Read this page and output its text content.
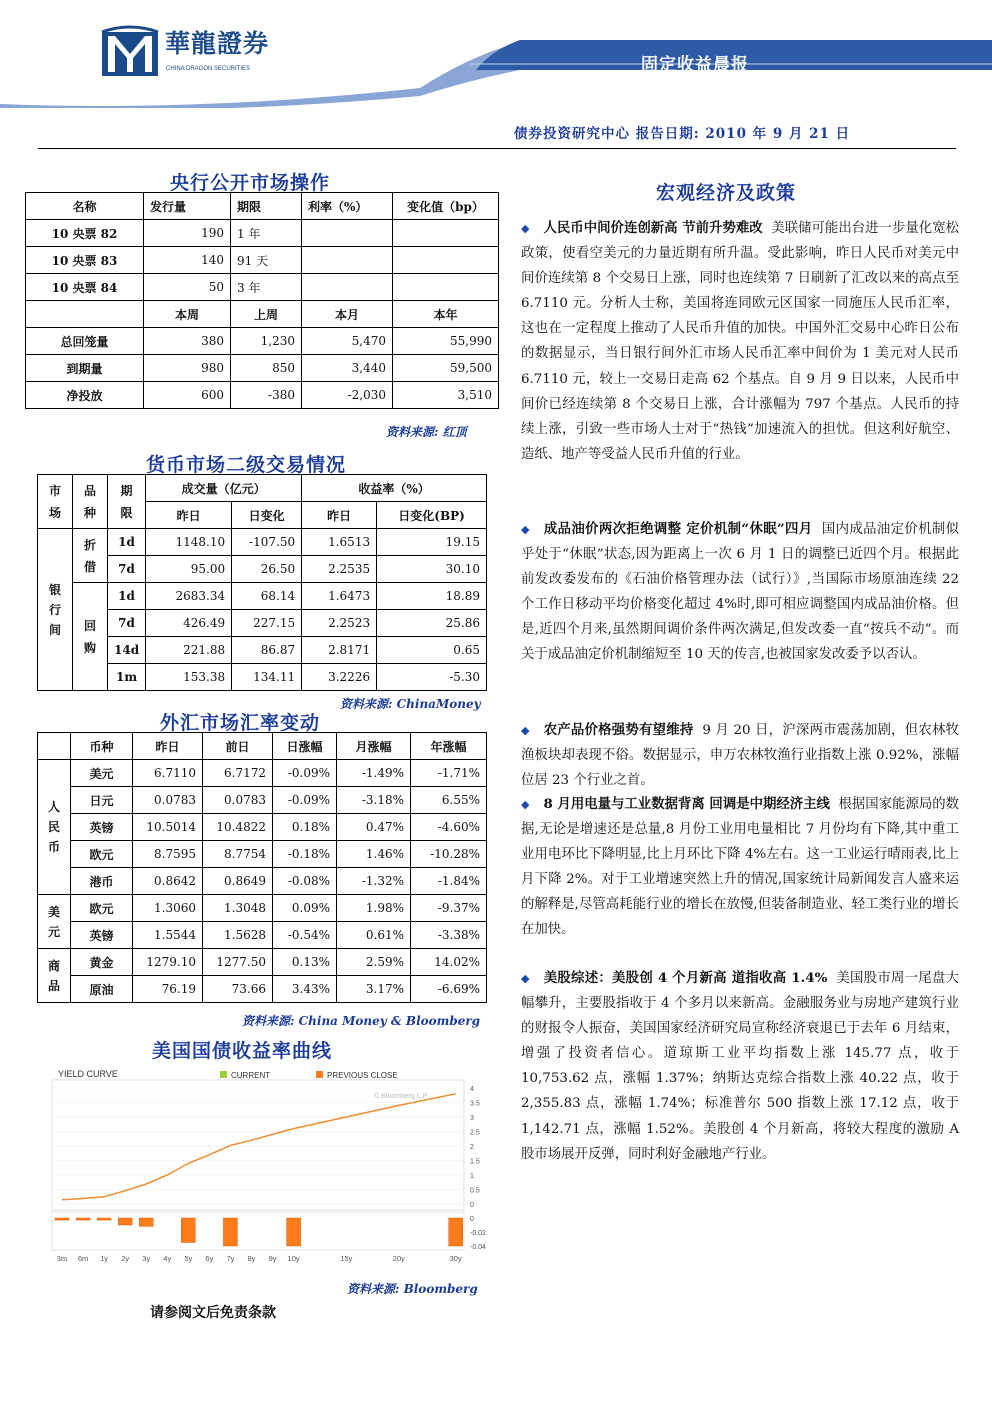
華龍證券
CHINA DRAGON SECURITIES	固定收益晨报
债券投资研究中心 报告日期: 2010 年 9 月 21 日
央行公开市场操作
名称	发行量	期限	利率（%）	变化值（bp）
10 央票 82	190	1 年		
10 央票 83	140	91 天		
10 央票 84	50	3 年		
	本周	上周	本月	本年
总回笼量	380	1,230	5,470	55,990
到期量	980	850	3,440	59,500
净投放	600	-380	-2,030	3,510
资料来源: 红顶
货币市场二级交易情况
市场	品种	期限	成交量（亿元）		收益率（%）	
			昨日	日变化	昨日	日变化(BP)
银行间	折借	1d	1148.10	-107.50	1.6513	19.15
		7d	95.00	26.50	2.2535	30.10
	回购	1d	2683.34	68.14	1.6473	18.89
		7d	426.49	227.15	2.2523	25.86
		14d	221.88	86.87	2.8171	0.65
		1m	153.38	134.11	3.2226	-5.30
资料来源: ChinaMoney
外汇市场汇率变动
	币种	昨日	前日	日涨幅	月涨幅	年涨幅
人民币	美元	6.7110	6.7172	-0.09%	-1.49%	-1.71%
	日元	0.0783	0.0783	-0.09%	-3.18%	6.55%
	英镑	10.5014	10.4822	0.18%	0.47%	-4.60%
	欧元	8.7595	8.7754	-0.18%	1.46%	-10.28%
	港币	0.8642	0.8649	-0.08%	-1.32%	-1.84%
美元	欧元	1.3060	1.3048	0.09%	1.98%	-9.37%
	英镑	1.5544	1.5628	-0.54%	0.61%	-3.38%
商品	黄金	1279.10	1277.50	0.13%	2.59%	14.02%
	原油	76.19	73.66	3.43%	3.17%	-6.69%
资料来源: China Money & Bloomberg
美国国债收益率曲线
YIELD CURVE	CURRENT	PREVIOUS CLOSE
© Bloomberg L.P.
4
3.5
3
2.5
2
1.5
1
0.5
0
0
-0.02
-0.04
3m 6m 1y 2y 3y 4y 5y 6y 7y 8y 9y 10y	15y	20y	30y
资料来源: Bloomberg
请参阅文后免责条款
宏观经济及政策
◆ 人民币中间价连创新高 节前升势难改 美联储可能出台进一步量化宽松政策，使看空美元的力量近期有所升温。受此影响，昨日人民币对美元中间价连续第 8 个交易日上涨，同时也连续第 7 日刷新了汇改以来的高点至 6.7110 元。分析人士称，美国将连同欧元区国家一同施压人民币汇率，这也在一定程度上推动了人民币升值的加快。中国外汇交易中心昨日公布的数据显示，当日银行间外汇市场人民币汇率中间价为 1 美元对人民币 6.7110 元，较上一交易日走高 62 个基点。自 9 月 9 日以来，人民币中间价已经连续第 8 个交易日上涨，合计涨幅为 797 个基点。人民币的持续上涨，引致一些市场人士对于“热钱”加速流入的担忧。但这利好航空、造纸、地产等受益人民币升值的行业。
◆ 成品油价两次拒绝调整 定价机制“休眠”四月 国内成品油定价机制似乎处于“休眠”状态,因为距离上一次 6 月 1 日的调整已近四个月。根据此前发改委发布的《石油价格管理办法（试行）》,当国际市场原油连续 22 个工作日移动平均价格变化超过 4%时,即可相应调整国内成品油价格。但是,近四个月来,虽然期间调价条件两次满足,但发改委一直“按兵不动”。而关于成品油定价机制缩短至 10 天的传言,也被国家发改委予以否认。
◆ 农产品价格强势有望维持 9 月 20 日，沪深两市震荡加剧，但农林牧渔板块却表现不俗。数据显示，申万农林牧渔行业指数上涨 0.92%，涨幅位居 23 个行业之首。
◆ 8 月用电量与工业数据背离 回调是中期经济主线 根据国家能源局的数据,无论是增速还是总量,8 月份工业用电量相比 7 月份均有下降,其中重工业用电环比下降明显,比上月环比下降 4%左右。这一工业运行晴雨表,比上月下降 2%。对于工业增速突然上升的情况,国家统计局新闻发言人盛来运的解释是,尽管高耗能行业的增长在放慢,但装备制造业、轻工类行业的增长在加快。
◆ 美股综述：美股创 4 个月新高 道指收高 1.4% 美国股市周一尾盘大幅攀升，主要股指收于 4 个多月以来新高。金融服务业与房地产建筑行业的财报令人振奋，美国国家经济研究局宣称经济衰退已于去年 6 月结束，增强了投资者信心。道琼斯工业平均指数上涨 145.77 点，收于 10,753.62 点，涨幅 1.37%；纳斯达克综合指数上涨 40.22 点，收于 2,355.83 点，涨幅 1.74%；标准普尔 500 指数上涨 17.12 点，收于 1,142.71 点，涨幅 1.52%。美股创 4 个月新高，将较大程度的激励 A 股市场展开反弹，同时利好金融地产行业。
